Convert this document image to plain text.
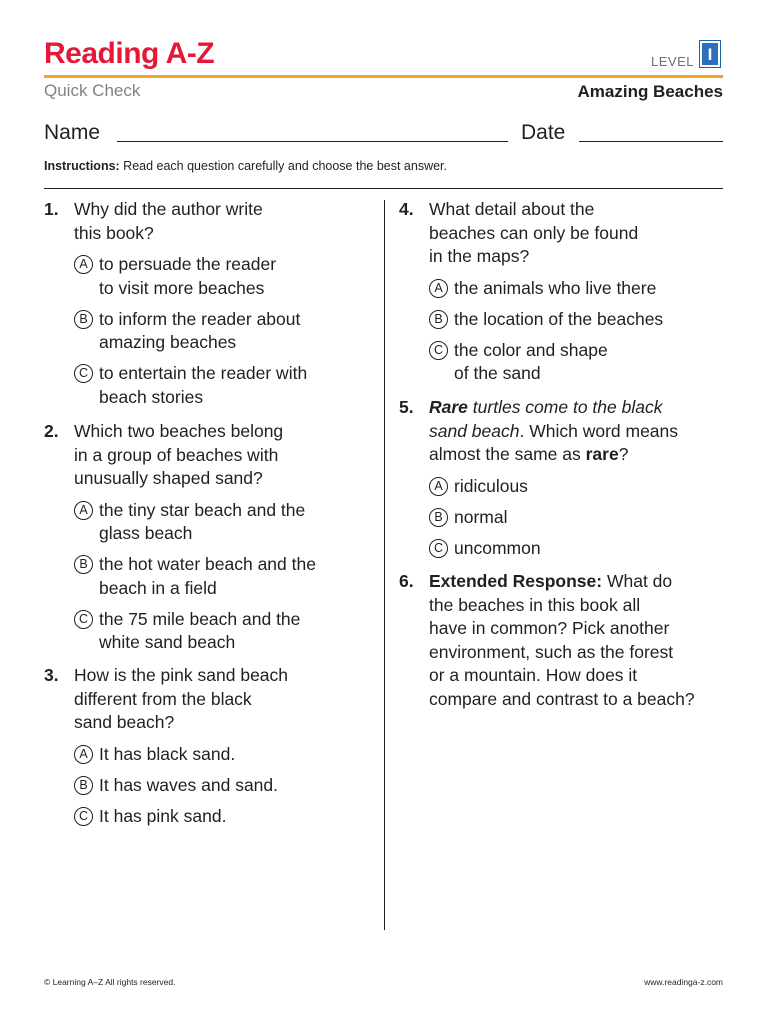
Reading A-Z	LEVEL I
Quick Check	Amazing Beaches
Name	Date
Instructions: Read each question carefully and choose the best answer.
1. Why did the author write
this book?
A to persuade the reader
to visit more beaches
B to inform the reader about
amazing beaches
C to entertain the reader with
beach stories
2. Which two beaches belong
in a group of beaches with
unusually shaped sand?
A the tiny star beach and the
glass beach
B the hot water beach and the
beach in a field
C the 75 mile beach and the
white sand beach
3. How is the pink sand beach
different from the black
sand beach?
A It has black sand.
B It has waves and sand.
C It has pink sand.
4. What detail about the
beaches can only be found
in the maps?
A the animals who live there
B the location of the beaches
C the color and shape
of the sand
5. Rare turtles come to the black
sand beach. Which word means
almost the same as rare?
A ridiculous
B normal
C uncommon
6. Extended Response: What do
the beaches in this book all
have in common? Pick another
environment, such as the forest
or a mountain. How does it
compare and contrast to a beach?
© Learning A–Z All rights reserved.	www.readinga-z.com
